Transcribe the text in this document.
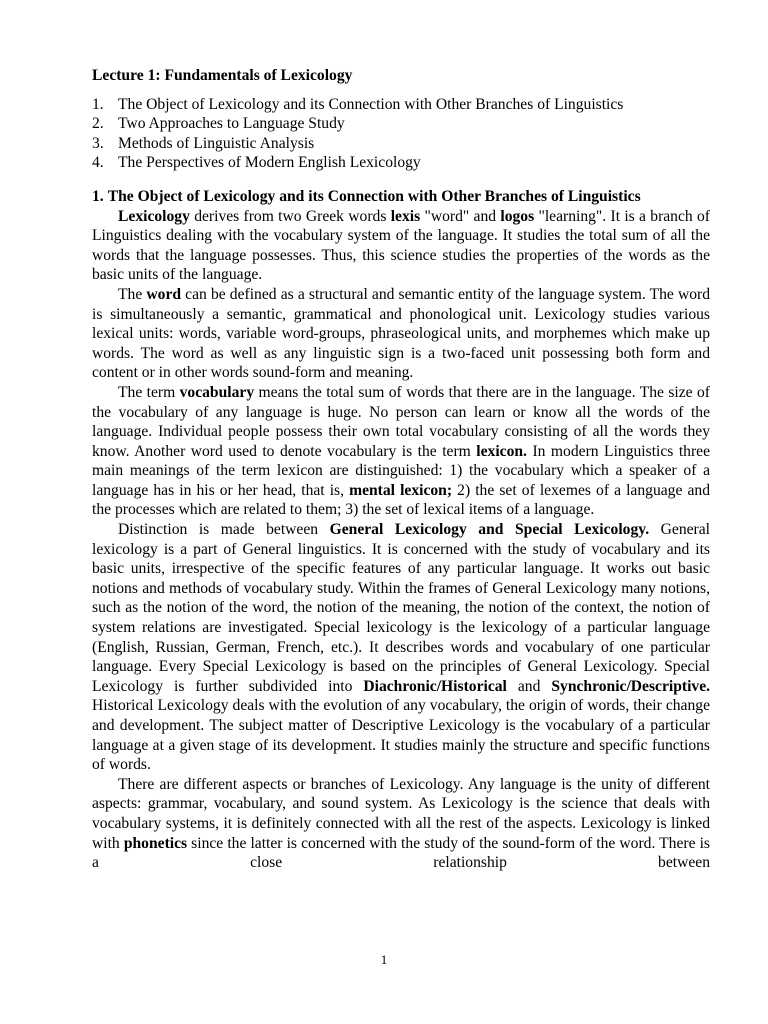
Lecture 1: Fundamentals of Lexicology
1. The Object of Lexicology and its Connection with Other Branches of Linguistics
2. Two Approaches to Language Study
3. Methods of Linguistic Analysis
4. The Perspectives of Modern English Lexicology
1. The Object of Lexicology and its Connection with Other Branches of Linguistics

Lexicology derives from two Greek words lexis "word" and logos "learning". It is a branch of Linguistics dealing with the vocabulary system of the language. It studies the total sum of all the words that the language possesses. Thus, this science studies the properties of the words as the basic units of the language.

The word can be defined as a structural and semantic entity of the language system. The word is simultaneously a semantic, grammatical and phonological unit. Lexicology studies various lexical units: words, variable word-groups, phraseological units, and morphemes which make up words. The word as well as any linguistic sign is a two-faced unit possessing both form and content or in other words sound-form and meaning.

The term vocabulary means the total sum of words that there are in the language. The size of the vocabulary of any language is huge. No person can learn or know all the words of the language. Individual people possess their own total vocabulary consisting of all the words they know. Another word used to denote vocabulary is the term lexicon. In modern Linguistics three main meanings of the term lexicon are distinguished: 1) the vocabulary which a speaker of a language has in his or her head, that is, mental lexicon; 2) the set of lexemes of a language and the processes which are related to them; 3) the set of lexical items of a language.

Distinction is made between General Lexicology and Special Lexicology. General lexicology is a part of General linguistics. It is concerned with the study of vocabulary and its basic units, irrespective of the specific features of any particular language. It works out basic notions and methods of vocabulary study. Within the frames of General Lexicology many notions, such as the notion of the word, the notion of the meaning, the notion of the context, the notion of system relations are investigated. Special lexicology is the lexicology of a particular language (English, Russian, German, French, etc.). It describes words and vocabulary of one particular language. Every Special Lexicology is based on the principles of General Lexicology. Special Lexicology is further subdivided into Diachronic/Historical and Synchronic/Descriptive. Historical Lexicology deals with the evolution of any vocabulary, the origin of words, their change and development. The subject matter of Descriptive Lexicology is the vocabulary of a particular language at a given stage of its development. It studies mainly the structure and specific functions of words.

There are different aspects or branches of Lexicology. Any language is the unity of different aspects: grammar, vocabulary, and sound system. As Lexicology is the science that deals with vocabulary systems, it is definitely connected with all the rest of the aspects. Lexicology is linked with phonetics since the latter is concerned with the study of the sound-form of the word. There is a close relationship between

1
